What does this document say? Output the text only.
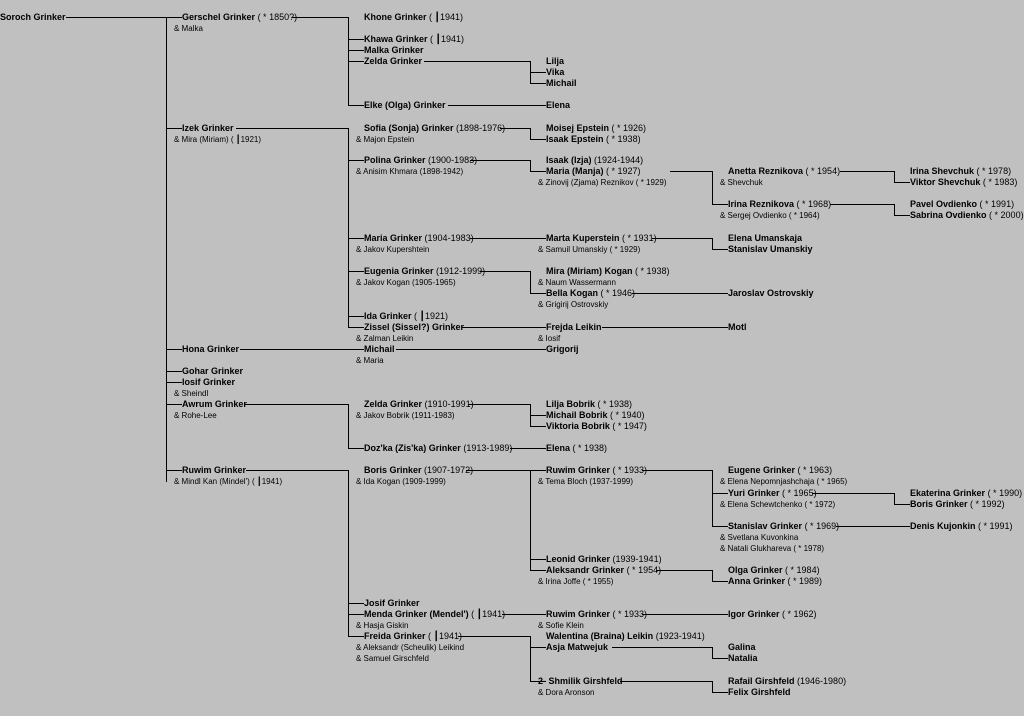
Soroch Grinker	Gerschel Grinker ( * 1850?)
& Malka
Khone Grinker ( ┃1941)
Khawa Grinker ( ┃1941)
Malka Grinker
Zelda Grinker	Lilja
Vika
Michail
Elke (Olga) Grinker	Elena
Izek Grinker
& Mira (Miriam) ( ┃1921)
Sofia (Sonja) Grinker (1898-1976)
& Majon Epstein
Moisej Epstein ( * 1926)
Isaak Epstein ( * 1938)
Polina Grinker (1900-1983)
& Anisim Khmara (1898-1942)
Isaak (Izja) (1924-1944)
Maria (Manja) ( * 1927)
& Zinovij (Zjama) Reznikov ( * 1929)
Anetta Reznikova ( * 1954)
& Shevchuk
Irina Shevchuk ( * 1978)
Viktor Shevchuk ( * 1983)
Irina Reznikova ( * 1968)
& Sergej Ovdienko ( * 1964)
Pavel Ovdienko ( * 1991)
Sabrina Ovdienko ( * 2000)
Maria Grinker (1904-1983)
& Jakov Kupershtein
Marta Kuperstein ( * 1931)
& Samuil Umanskiy ( * 1929)
Elena Umanskaja
Stanislav Umanskiy
Eugenia Grinker (1912-1999)
& Jakov Kogan (1905-1965)
Mira (Miriam) Kogan ( * 1938)
& Naum Wassermann
Bella Kogan ( * 1946)
& Grigirij Ostrovskiy
Jaroslav Ostrovskiy
Ida Grinker ( ┃1921)
Zissel (Sissel?) Grinker
& Zalman Leikin
Frejda Leikin
& Iosif
Motl
Hona Grinker	Michail
& Maria
Grigorij
Gohar Grinker
Iosif Grinker
& Sheindl
Awrum Grinker
& Rohe-Lee
Zelda Grinker (1910-1991)
& Jakov Bobrik (1911-1983)
Lilja Bobrik ( * 1938)
Michail Bobrik ( * 1940)
Viktoria Bobrik ( * 1947)
Doz'ka (Zis'ka) Grinker (1913-1989)	Elena ( * 1938)
Ruwim Grinker
& Mindl Kan (Mindel') ( ┃1941)
Boris Grinker (1907-1972)
& Ida Kogan (1909-1999)
Ruwim Grinker ( * 1933)
& Tema Bloch (1937-1999)
Eugene Grinker ( * 1963)
& Elena Nepomnjashchaja ( * 1965)
Yuri Grinker ( * 1965)
& Elena Schewtchenko ( * 1972)
Ekaterina Grinker ( * 1990)
Boris Grinker ( * 1992)
Stanislav Grinker ( * 1969)
& Svetlana Kuvonkina
& Natali Glukhareva ( * 1978)
Denis Kujonkin ( * 1991)
Leonid Grinker (1939-1941)
Aleksandr Grinker ( * 1954)
& Irina Joffe ( * 1955)
Olga Grinker ( * 1984)
Anna Grinker ( * 1989)
Josif Grinker
Menda Grinker (Mendel') ( ┃1941)
& Hasja Giskin
Ruwim Grinker ( * 1933)
& Sofie Klein
Igor Grinker ( * 1962)
Freida Grinker ( ┃1941)
& Aleksandr (Scheulik) Leikind
& Samuel Girschfeld
Walentina (Braina) Leikin (1923-1941)
Asja Matwejuk	Galina
Natalia
2- Shmilik Girshfeld
& Dora Aronson
Rafail Girshfeld (1946-1980)
Felix Girshfeld
